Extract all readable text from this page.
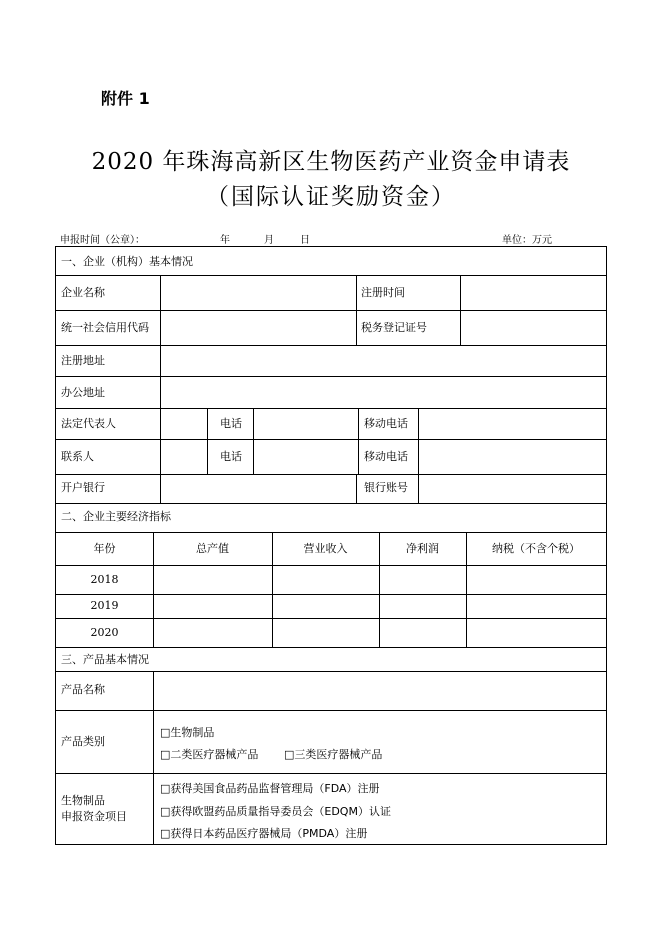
附件 1
2020 年珠海高新区生物医药产业资金申请表
（国际认证奖励资金）
申报时间（公章）：	年	月	日	单位：万元
一、企业（机构）基本情况
企业名称	注册时间
统一社会信用代码	税务登记证号
注册地址
办公地址
法定代表人	电话	移动电话
联系人	电话	移动电话
开户银行	银行账号
二、企业主要经济指标
年份	总产值	营业收入	净利润	纳税（不含个税）
2018
2019
2020
三、产品基本情况
产品名称
产品类别
□生物制品
□二类医疗器械产品 □三类医疗器械产品
生物制品
申报资金项目
□获得美国食品药品监督管理局（FDA）注册
□获得欧盟药品质量指导委员会（EDQM）认证
□获得日本药品医疗器械局（PMDA）注册
